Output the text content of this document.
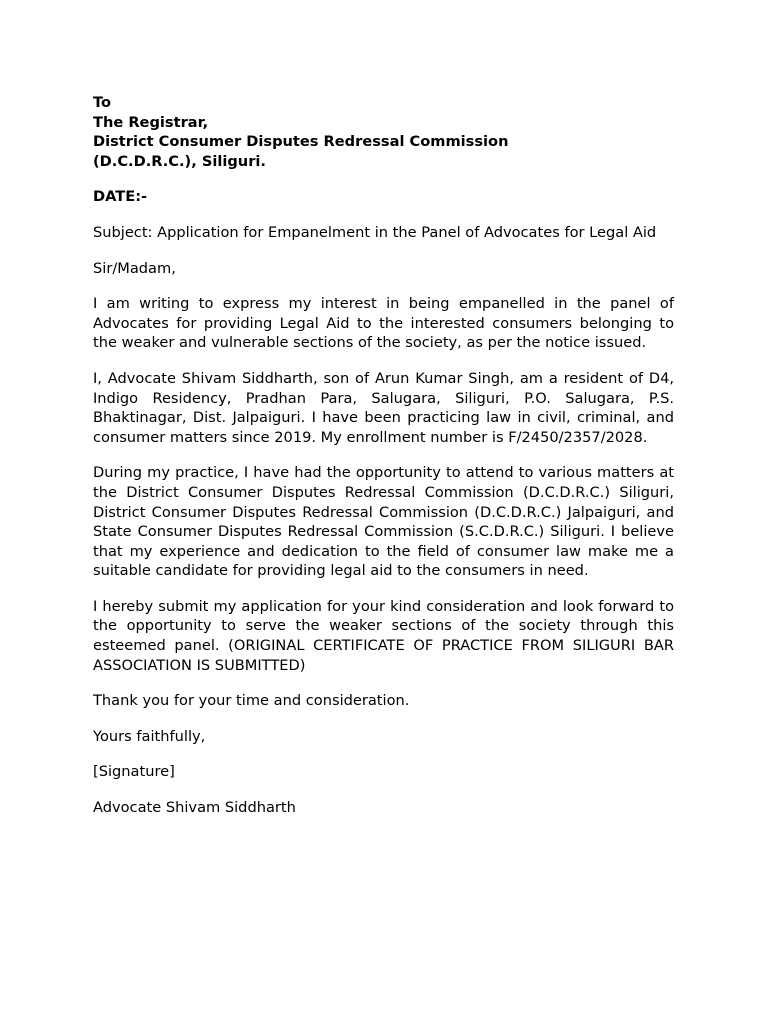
To

The Registrar,

District Consumer Disputes Redressal Commission

(D.C.D.R.C.), Siliguri.

DATE:-

Subject: Application for Empanelment in the Panel of Advocates for Legal Aid

Sir/Madam,

I am writing to express my interest in being empanelled in the panel of Advocates for providing Legal Aid to the interested consumers belonging to the weaker and vulnerable sections of the society, as per the notice issued.

I, Advocate Shivam Siddharth, son of Arun Kumar Singh, am a resident of D4, Indigo Residency, Pradhan Para, Salugara, Siliguri, P.O. Salugara, P.S. Bhaktinagar, Dist. Jalpaiguri. I have been practicing law in civil, criminal, and consumer matters since 2019. My enrollment number is F/2450/2357/2028.

During my practice, I have had the opportunity to attend to various matters at the District Consumer Disputes Redressal Commission (D.C.D.R.C.) Siliguri, District Consumer Disputes Redressal Commission (D.C.D.R.C.) Jalpaiguri, and State Consumer Disputes Redressal Commission (S.C.D.R.C.) Siliguri. I believe that my experience and dedication to the field of consumer law make me a suitable candidate for providing legal aid to the consumers in need.

I hereby submit my application for your kind consideration and look forward to the opportunity to serve the weaker sections of the society through this esteemed panel. (ORIGINAL CERTIFICATE OF PRACTICE FROM SILIGURI BAR ASSOCIATION IS SUBMITTED)

Thank you for your time and consideration.

Yours faithfully,

[Signature]

Advocate Shivam Siddharth
